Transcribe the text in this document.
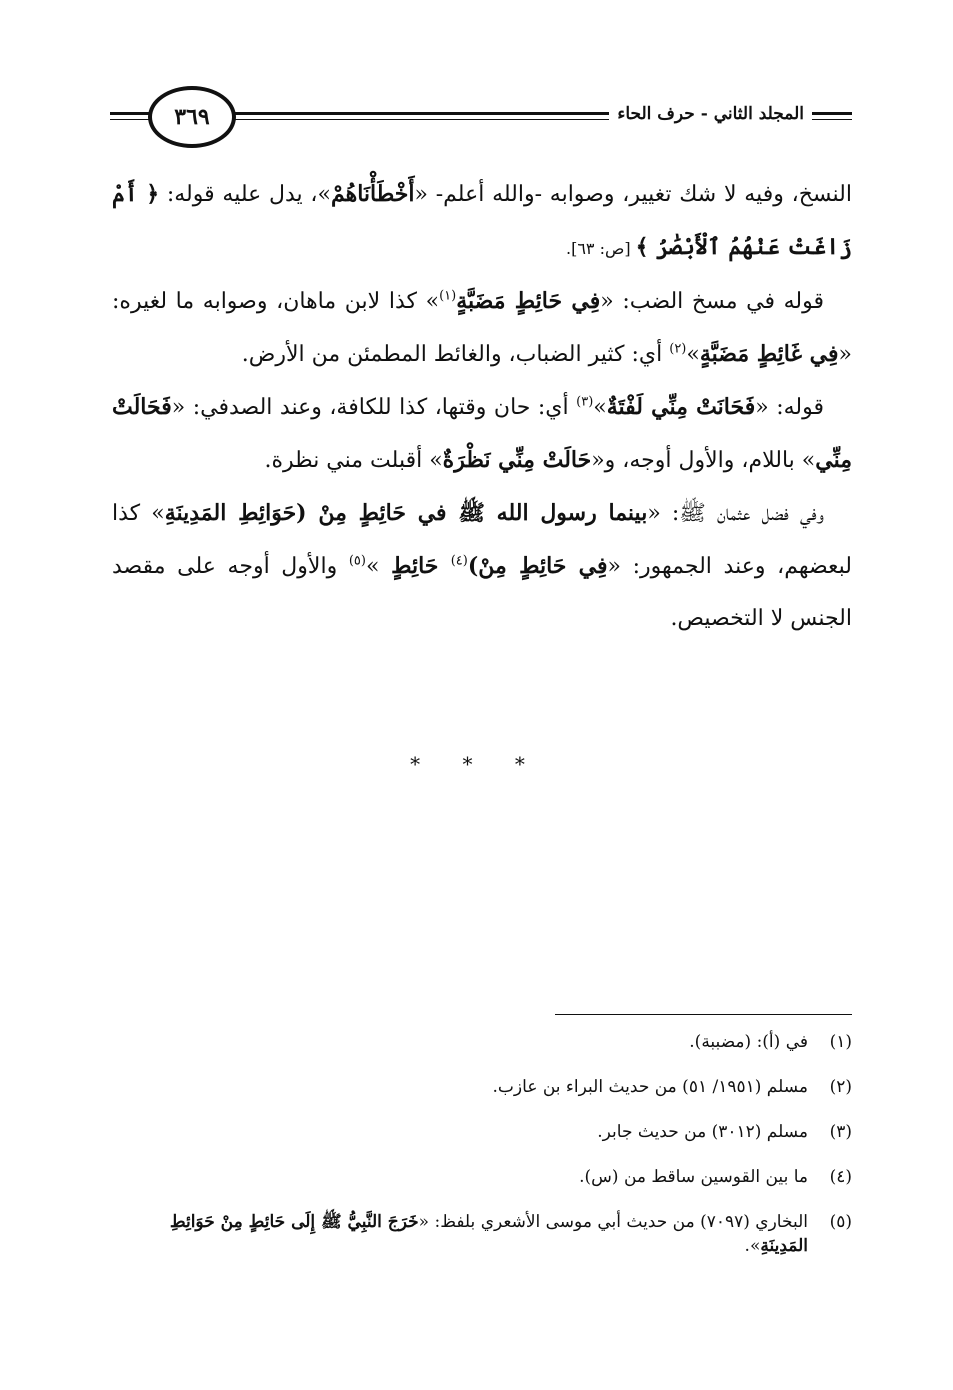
٣٦٩	المجلد الثاني - حرف الحاء

النسخ، وفيه لا شك تغيير، وصوابه -والله أعلم- «أَخْطَأْنَاهُمْ»، يدل عليه قوله: ﴿ أَمْ زَاغَتْ عَنْهُمُ ٱلْأَبْصَٰرُ ﴾ [ص: ٦٣].

قوله في مسخ الضب: «فِي حَائِطٍ مَضَبَّةٍ$^{(١)}$» كذا لابن ماهان، وصوابه ما لغيره: «فِي غَائِطٍ مَضَبَّةٍ»$^{(٢)}$ أي: كثير الضباب، والغائط المطمئن من الأرض.

قوله: «فَحَانَتْ مِنِّي لَفْتَةٌ»$^{(٣)}$ أي: حان وقتها، كذا للكافة، وعند الصدفي: «فَحَالَتْ مِنِّي» باللام، والأول أوجه، و«حَالَتْ مِنِّي نَظْرَةٌ» أقبلت مني نظرة.

وفي فضل عثمان ﷺ: «بينما رسول الله ﷺ في حَائِطٍ مِنْ (حَوَائِطِ المَدِينَةِ» كذا لبعضهم، وعند الجمهور: «فِي حَائِطٍ مِنْ)$^{(٤)}$ حَائِطٍ »$^{(٥)}$ والأول أوجه على مقصد الجنس لا التخصيص.

* * *
(١)
في (أ): (مضببة).
(٢)
مسلم (١٩٥١/ ٥١) من حديث البراء بن عازب.
(٣)
مسلم (٣٠١٢) من حديث جابر.
(٤)
ما بين القوسين ساقط من (س).
(٥)
البخاري (٧٠٩٧) من حديث أبي موسى الأشعري بلفظ: «خَرَجَ النَّبِيُّ ﷺ إِلَى حَائِطٍ مِنْ حَوَائِطِ المَدِينَةِ».
